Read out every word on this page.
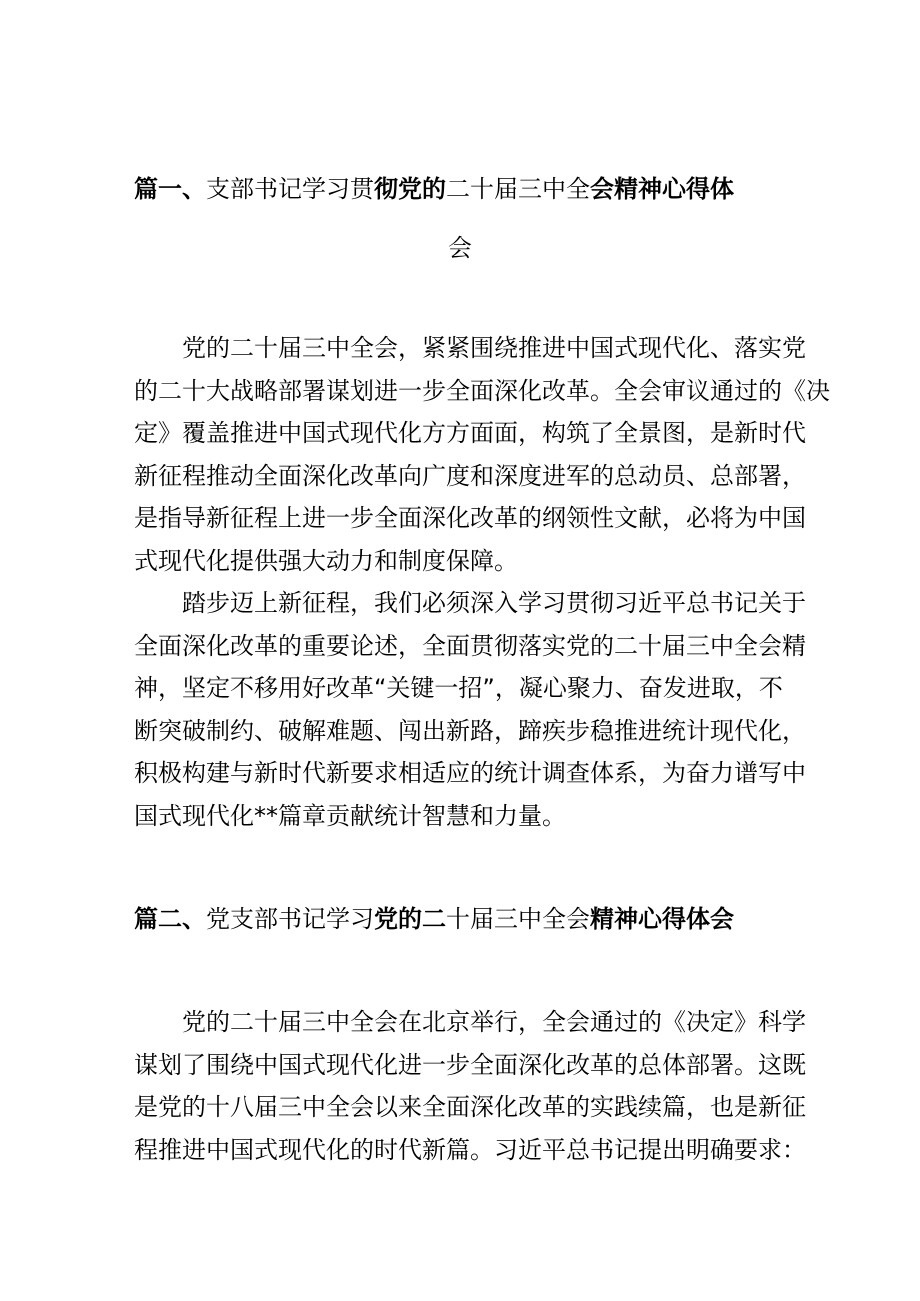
篇一、支部书记学习贯彻党的二十届三中全会精神心得体
会
　　党的二十届三中全会，紧紧围绕推进中国式现代化、落实党
的二十大战略部署谋划进一步全面深化改革。全会审议通过的《决
定》覆盖推进中国式现代化方方面面，构筑了全景图，是新时代
新征程推动全面深化改革向广度和深度进军的总动员、总部署，
是指导新征程上进一步全面深化改革的纲领性文献，必将为中国
式现代化提供强大动力和制度保障。
　　踏步迈上新征程，我们必须深入学习贯彻习近平总书记关于
全面深化改革的重要论述，全面贯彻落实党的二十届三中全会精
神，坚定不移用好改革“关键一招”，凝心聚力、奋发进取，不
断突破制约、破解难题、闯出新路，蹄疾步稳推进统计现代化，
积极构建与新时代新要求相适应的统计调查体系，为奋力谱写中
国式现代化**篇章贡献统计智慧和力量。
篇二、党支部书记学习党的二十届三中全会精神心得体会
　　党的二十届三中全会在北京举行，全会通过的《决定》科学
谋划了围绕中国式现代化进一步全面深化改革的总体部署。这既
是党的十八届三中全会以来全面深化改革的实践续篇，也是新征
程推进中国式现代化的时代新篇。习近平总书记提出明确要求：
